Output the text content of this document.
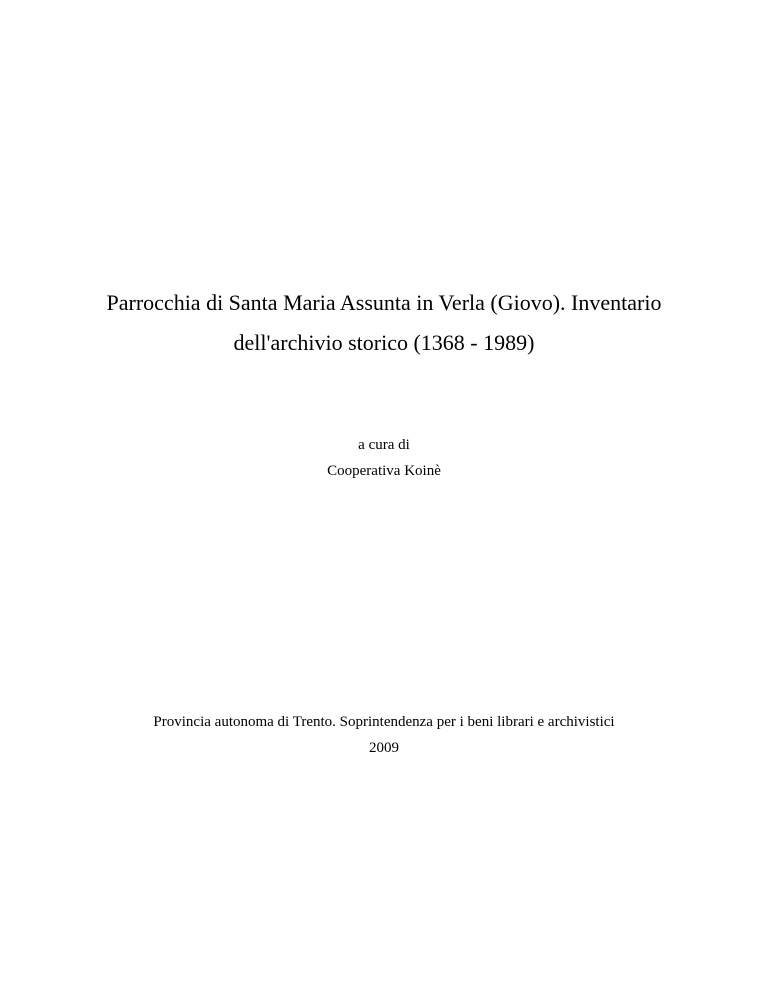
Parrocchia di Santa Maria Assunta in Verla (Giovo). Inventario
dell'archivio storico (1368 - 1989)
a cura di
Cooperativa Koinè
Provincia autonoma di Trento. Soprintendenza per i beni librari e archivistici
2009
